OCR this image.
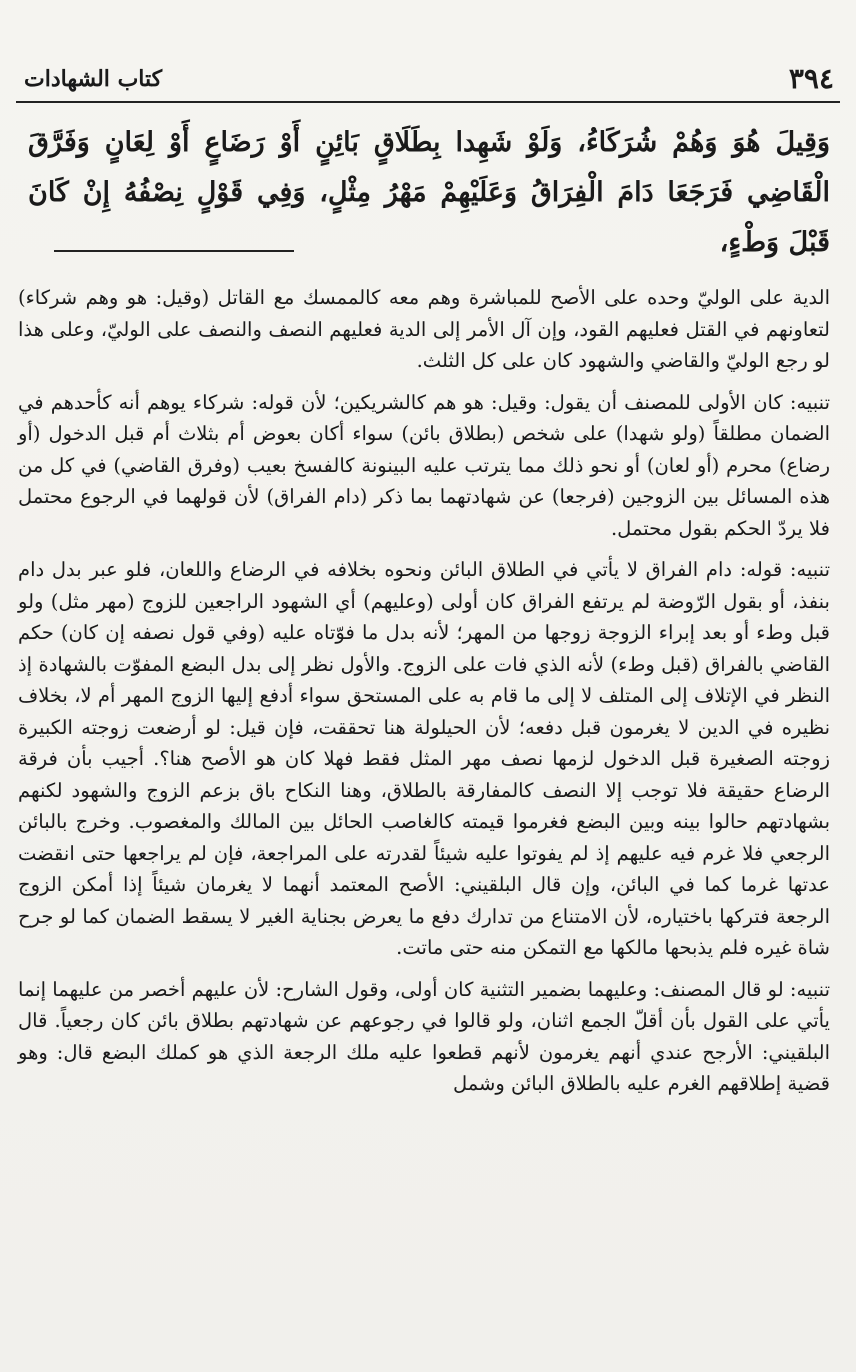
٣٩٤
كتاب الشهادات
وَقِيلَ هُوَ وَهُمْ شُرَكَاءُ، وَلَوْ شَهِدا بِطَلَاقٍ بَائِنٍ أَوْ رَضَاعٍ أَوْ لِعَانٍ وَفَرَّقَ الْقَاضِي فَرَجَعَا دَامَ الْفِرَاقُ وَعَلَيْهِمْ مَهْرُ مِثْلٍ، وَفِي قَوْلٍ نِصْفُهُ إِنْ كَانَ قَبْلَ وَطْءٍ،

الدية على الوليّ وحده على الأصح للمباشرة وهم معه كالممسك مع القاتل (وقيل: هو وهم شركاء) لتعاونهم في القتل فعليهم القود، وإن آل الأمر إلى الدية فعليهم النصف والنصف على الوليّ، وعلى هذا لو رجع الوليّ والقاضي والشهود كان على كل الثلث.

تنبيه: كان الأولى للمصنف أن يقول: وقيل: هو هم كالشريكين؛ لأن قوله: شركاء يوهم أنه كأحدهم في الضمان مطلقاً (ولو شهدا) على شخص (بطلاق بائن) سواء أكان بعوض أم بثلاث أم قبل الدخول (أو رضاع) محرم (أو لعان) أو نحو ذلك مما يترتب عليه البينونة كالفسخ بعيب (وفرق القاضي) في كل من هذه المسائل بين الزوجين (فرجعا) عن شهادتهما بما ذكر (دام الفراق) لأن قولهما في الرجوع محتمل فلا يردّ الحكم بقول محتمل.

تنبيه: قوله: دام الفراق لا يأتي في الطلاق البائن ونحوه بخلافه في الرضاع واللعان، فلو عبر بدل دام بنفذ، أو بقول الرّوضة لم يرتفع الفراق كان أولى (وعليهم) أي الشهود الراجعين للزوج (مهر مثل) ولو قبل وطء أو بعد إبراء الزوجة زوجها من المهر؛ لأنه بدل ما فوّتاه عليه (وفي قول نصفه إن كان) حكم القاضي بالفراق (قبل وطء) لأنه الذي فات على الزوج. والأول نظر إلى بدل البضع المفوّت بالشهادة إذ النظر في الإتلاف إلى المتلف لا إلى ما قام به على المستحق سواء أدفع إليها الزوج المهر أم لا، بخلاف نظيره في الدين لا يغرمون قبل دفعه؛ لأن الحيلولة هنا تحققت، فإن قيل: لو أرضعت زوجته الكبيرة زوجته الصغيرة قبل الدخول لزمها نصف مهر المثل فقط فهلا كان هو الأصح هنا؟. أجيب بأن فرقة الرضاع حقيقة فلا توجب إلا النصف كالمفارقة بالطلاق، وهنا النكاح باق بزعم الزوج والشهود لكنهم بشهادتهم حالوا بينه وبين البضع فغرموا قيمته كالغاصب الحائل بين المالك والمغصوب. وخرج بالبائن الرجعي فلا غرم فيه عليهم إذ لم يفوتوا عليه شيئاً لقدرته على المراجعة، فإن لم يراجعها حتى انقضت عدتها غرما كما في البائن، وإن قال البلقيني: الأصح المعتمد أنهما لا يغرمان شيئاً إذا أمكن الزوج الرجعة فتركها باختياره، لأن الامتناع من تدارك دفع ما يعرض بجناية الغير لا يسقط الضمان كما لو جرح شاة غيره فلم يذبحها مالكها مع التمكن منه حتى ماتت.

تنبيه: لو قال المصنف: وعليهما بضمير التثنية كان أولى، وقول الشارح: لأن عليهم أخصر من عليهما إنما يأتي على القول بأن أقلّ الجمع اثنان، ولو قالوا في رجوعهم عن شهادتهم بطلاق بائن كان رجعياً. قال البلقيني: الأرجح عندي أنهم يغرمون لأنهم قطعوا عليه ملك الرجعة الذي هو كملك البضع قال: وهو قضية إطلاقهم الغرم عليه بالطلاق البائن وشمل
